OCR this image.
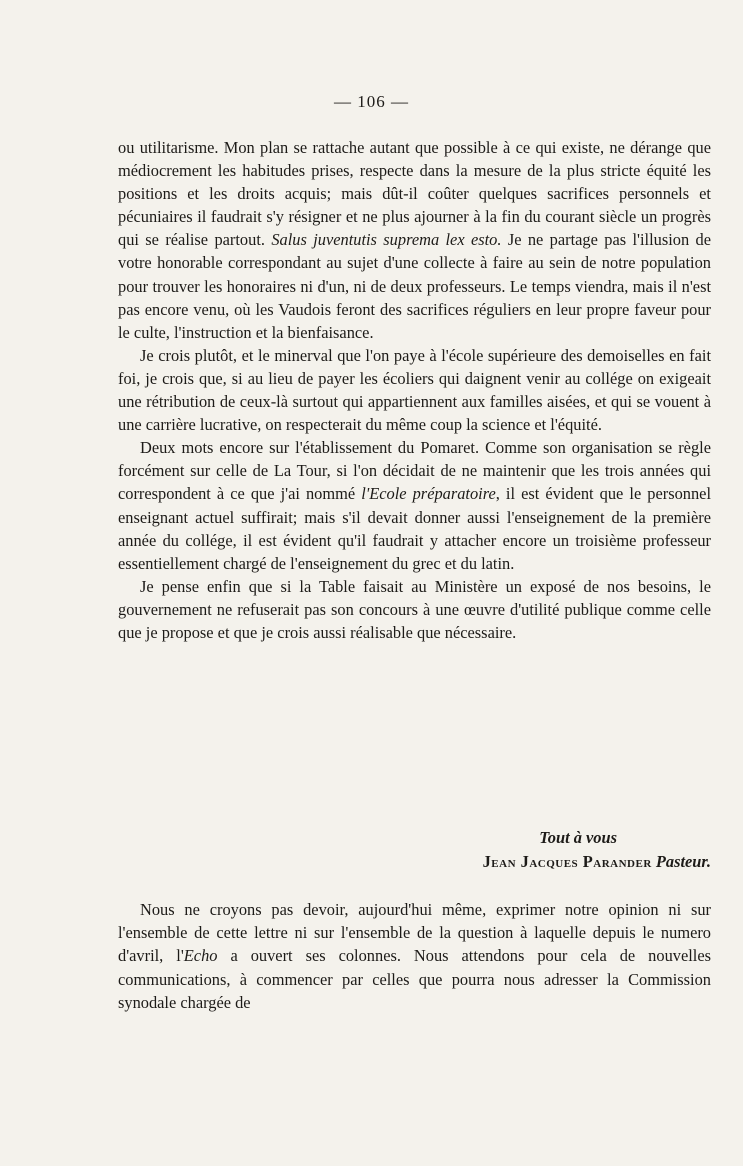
— 106 —

ou utilitarisme. Mon plan se rattache autant que possible à ce qui existe, ne dérange que médiocrement les habitudes prises, respecte dans la mesure de la plus stricte équité les positions et les droits acquis; mais dût-il coûter quelques sacrifices personnels et pécuniaires il faudrait s'y résigner et ne plus ajourner à la fin du courant siècle un progrès qui se réalise partout. Salus juventutis suprema lex esto. Je ne partage pas l'illusion de votre honorable correspondant au sujet d'une collecte à faire au sein de notre population pour trouver les honoraires ni d'un, ni de deux professeurs. Le temps viendra, mais il n'est pas encore venu, où les Vaudois feront des sacrifices réguliers en leur propre faveur pour le culte, l'instruction et la bienfaisance.

Je crois plutôt, et le minerval que l'on paye à l'école supérieure des demoiselles en fait foi, je crois que, si au lieu de payer les écoliers qui daignent venir au collége on exigeait une rétribution de ceux-là surtout qui appartiennent aux familles aisées, et qui se vouent à une carrière lucrative, on respecterait du même coup la science et l'équité.

Deux mots encore sur l'établissement du Pomaret. Comme son organisation se règle forcément sur celle de La Tour, si l'on décidait de ne maintenir que les trois années qui correspondent à ce que j'ai nommé l'Ecole préparatoire, il est évident que le personnel enseignant actuel suffirait; mais s'il devait donner aussi l'enseignement de la première année du collége, il est évident qu'il faudrait y attacher encore un troisième professeur essentiellement chargé de l'enseignement du grec et du latin.

Je pense enfin que si la Table faisait au Ministère un exposé de nos besoins, le gouvernement ne refuserait pas son concours à une œuvre d'utilité publique comme celle que je propose et que je crois aussi réalisable que nécessaire.

Tout à vous
Jean Jacques Parander Pasteur.

Nous ne croyons pas devoir, aujourd'hui même, exprimer notre opinion ni sur l'ensemble de cette lettre ni sur l'ensemble de la question à laquelle depuis le numero d'avril, l'Echo a ouvert ses colonnes. Nous attendons pour cela de nouvelles communications, à commencer par celles que pourra nous adresser la Commission synodale chargée de
